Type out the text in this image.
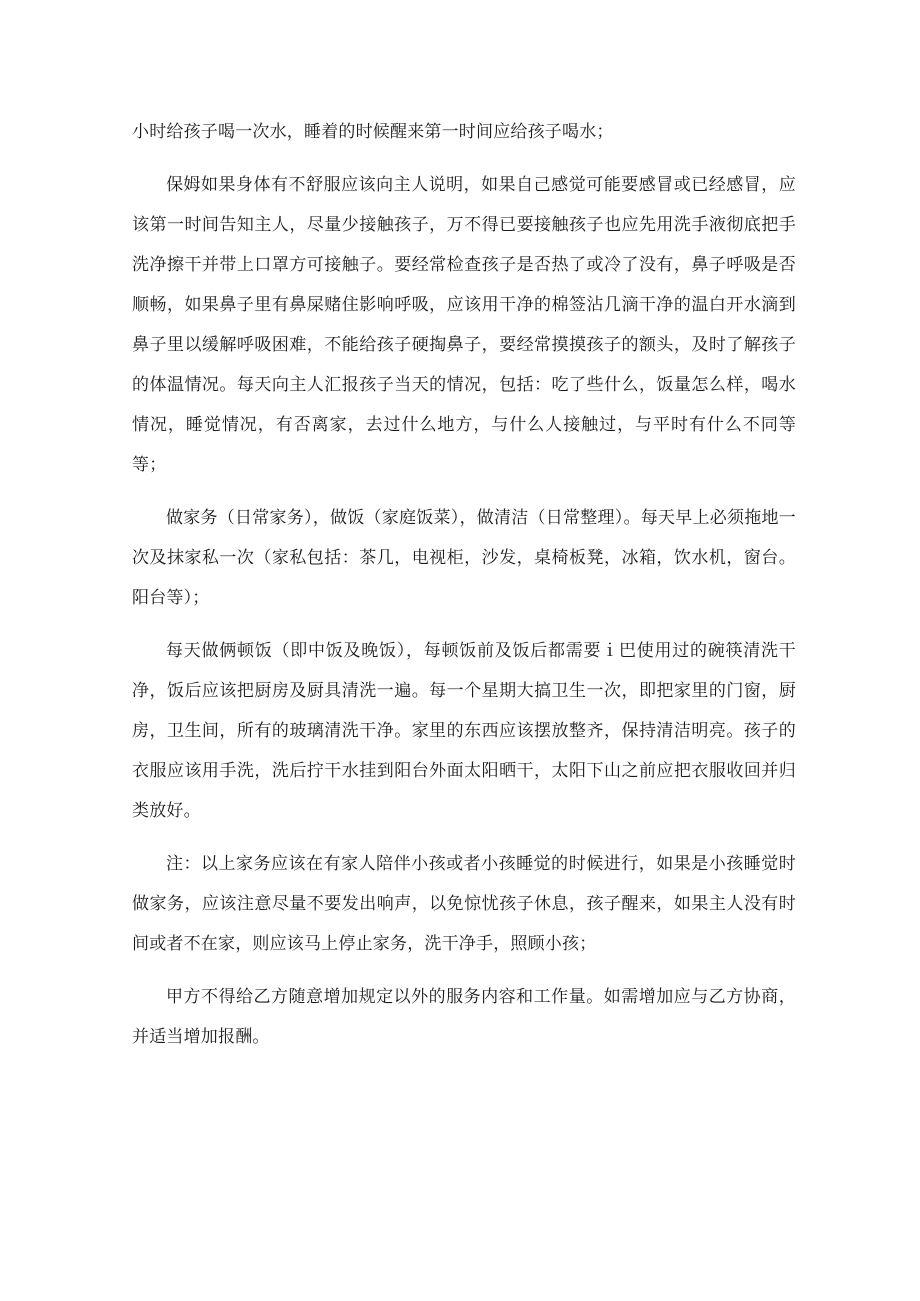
小时给孩子喝一次水，睡着的时候醒来第一时间应给孩子喝水；

保姆如果身体有不舒服应该向主人说明，如果自己感觉可能要感冒或已经感冒，应该第一时间告知主人，尽量少接触孩子，万不得已要接触孩子也应先用洗手液彻底把手洗净擦干并带上口罩方可接触子。要经常检查孩子是否热了或冷了没有，鼻子呼吸是否顺畅，如果鼻子里有鼻屎赌住影响呼吸，应该用干净的棉签沾几滴干净的温白开水滴到鼻子里以缓解呼吸困难，不能给孩子硬掏鼻子，要经常摸摸孩子的额头，及时了解孩子的体温情况。每天向主人汇报孩子当天的情况，包括：吃了些什么，饭量怎么样，喝水情况，睡觉情况，有否离家，去过什么地方，与什么人接触过，与平时有什么不同等等；

做家务（日常家务），做饭（家庭饭菜），做清洁（日常整理）。每天早上必须拖地一次及抹家私一次（家私包括：茶几，电视柜，沙发，桌椅板凳，冰箱，饮水机，窗台。阳台等）；

每天做俩顿饭（即中饭及晚饭），每顿饭前及饭后都需要ｉ巴使用过的碗筷清洗干净，饭后应该把厨房及厨具清洗一遍。每一个星期大搞卫生一次，即把家里的门窗，厨房，卫生间，所有的玻璃清洗干净。家里的东西应该摆放整齐，保持清洁明亮。孩子的衣服应该用手洗，洗后拧干水挂到阳台外面太阳晒干，太阳下山之前应把衣服收回并归类放好。

注：以上家务应该在有家人陪伴小孩或者小孩睡觉的时候进行，如果是小孩睡觉时做家务，应该注意尽量不要发出响声，以免惊忧孩子休息，孩子醒来，如果主人没有时间或者不在家，则应该马上停止家务，洗干净手，照顾小孩；

甲方不得给乙方随意增加规定以外的服务内容和工作量。如需增加应与乙方协商，并适当增加报酬。
